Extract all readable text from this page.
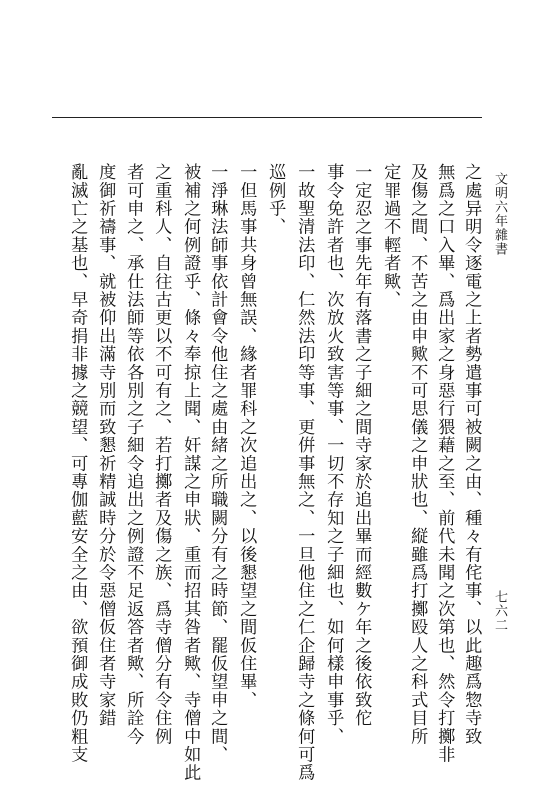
文明六年雜書
七六二
之處异明令逐電之上者勢遣事可被闕之由、種々有侘事、以此趣爲惣寺致
無爲之口入畢、爲出家之身惡行猥藉之至、前代未聞之次第也、然令打擲非
及傷之間、不苦之由申歟不可思儀之申狀也、縦雖爲打擲殴人之科式目所
定罪過不輕者歟、
一定忍之事先年有落書之子細之間寺家於追出畢而經數ケ年之後依致佗
事令免許者也、次放火致害等事、一切不存知之子細也、如何樣申事乎、
一故聖清法印、仁然法印等事、更倂事無之、一旦他住之仁企歸寺之條何可爲
巡例乎、
一但馬事共身曾無誤、緣者罪科之次追出之、以後懇望之間仮住畢、
一淨琳法師事依計會令他住之處由緒之所職闕分有之時節、罷仮望申之間、
被補之何例證乎、條々奉掠上聞、奸謀之申狀、重而招其咎者歟、寺僧中如此
之重科人、自往古更以不可有之、若打擲者及傷之族、爲寺僧分有令住例
者可申之、承仕法師等依各別之子細令追出之例證不足返答者歟、所詮今
度御祈禱事、就被仰出滿寺別而致懇祈精誠時分於令惡僧仮住者寺家錯
亂滅亡之基也、早奇捐非據之競望、可專伽藍安全之由、欲預御成敗仍粗支
